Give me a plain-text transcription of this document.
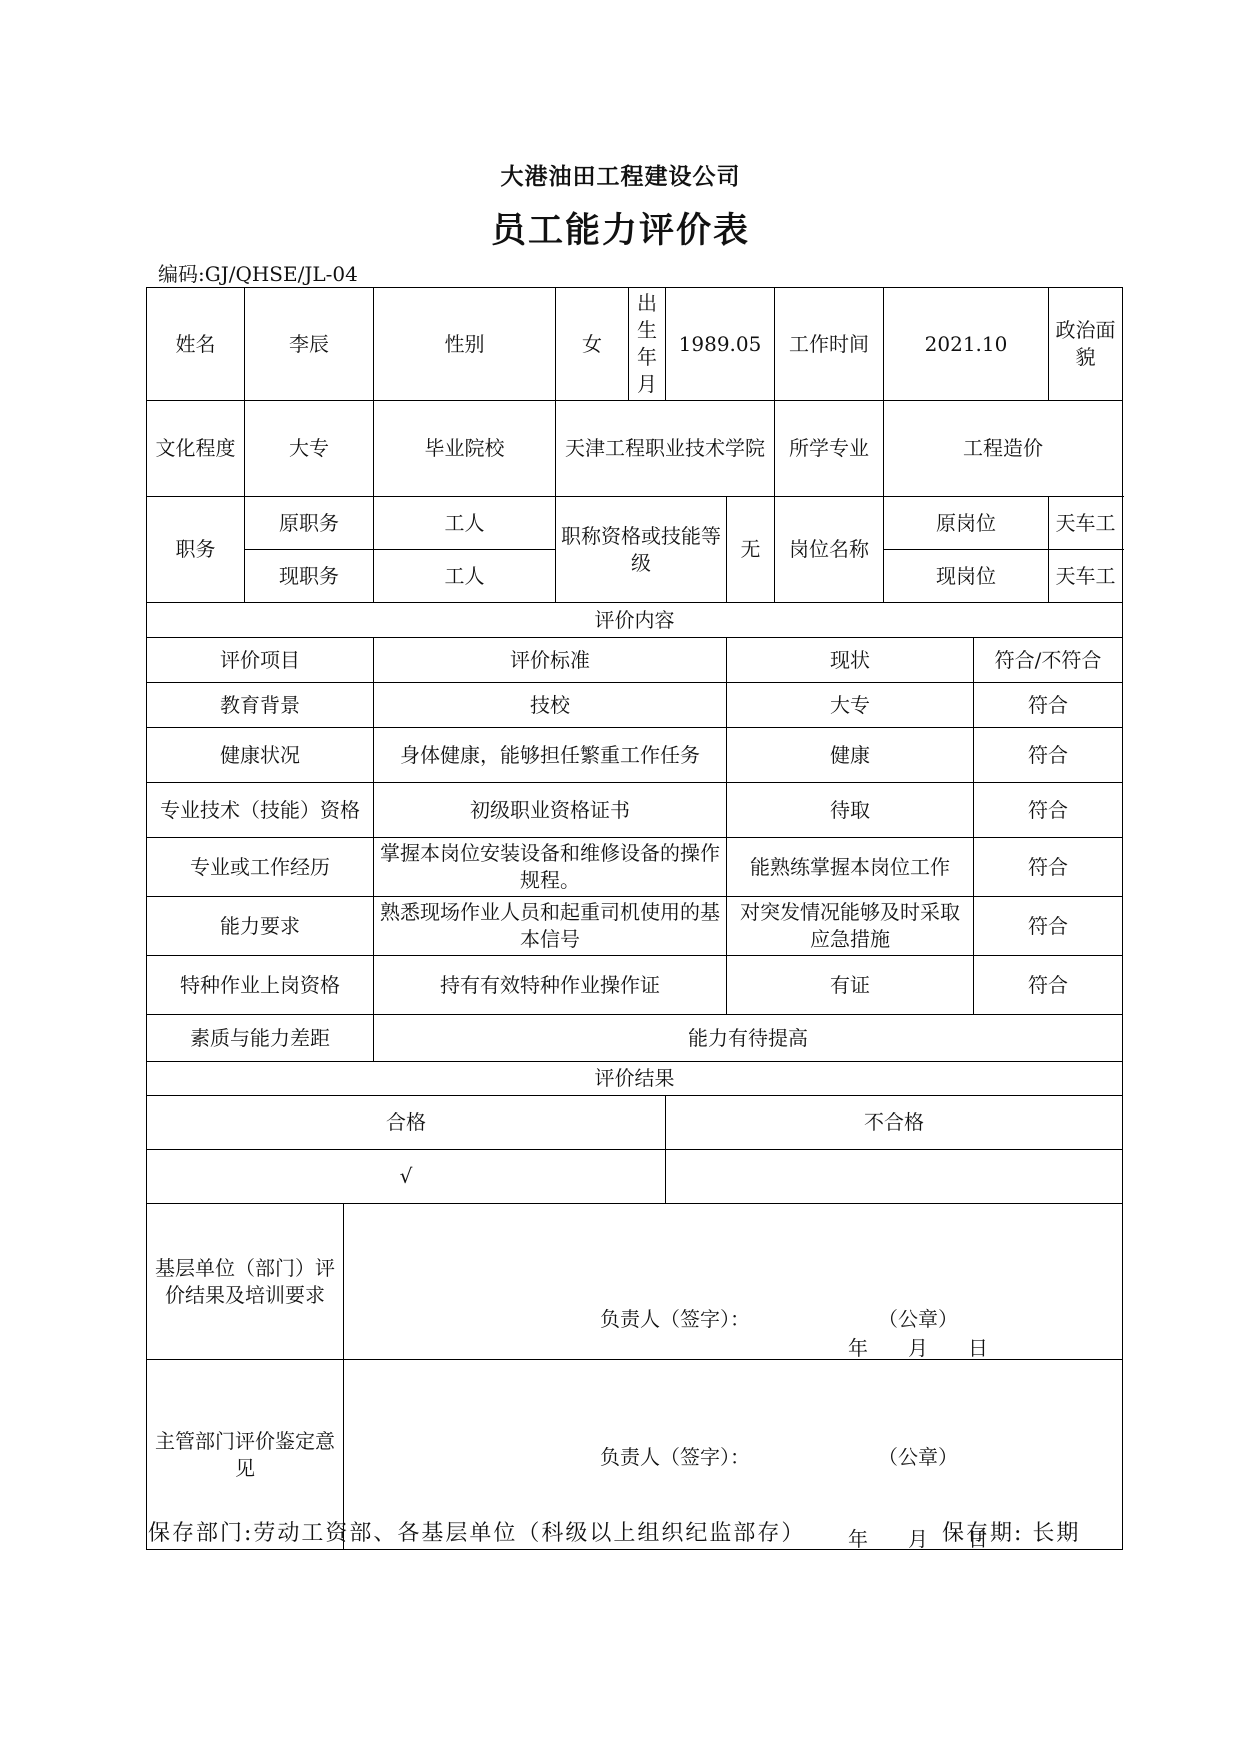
大港油田工程建设公司
员工能力评价表
编码:GJ/QHSE/JL-04
姓名	李辰		性别	女	出生年月	1989.05		工作时间	2021.10		政治面貌	
文化程度	大专		毕业院校	天津工程职业技术学院				所学专业	工程造价			
职务	原职务		工人	职称资格或技能等级			无	岗位名称	原岗位		天车工	
	现职务		工人						现岗位		天车工	
评价内容												
评价项目			评价标准				现状			符合/不符合		
教育背景			技校				大专			符合		
健康状况			身体健康，能够担任繁重工作任务				健康			符合		
专业技术（技能）资格			初级职业资格证书				待取			符合		
专业或工作经历			掌握本岗位安装设备和维修设备的操作规程。				能熟练掌握本岗位工作			符合		
能力要求			熟悉现场作业人员和起重司机使用的基本信号				对突发情况能够及时采取应急措施			符合		
特种作业上岗资格			持有有效特种作业操作证				有证			符合		
素质与能力差距			能力有待提高									
评价结果												
合格						不合格						
√												
基层单位（部门）评价结果及培训要求		负责人（签字）： （公章）
年　　月　　日										

主管部门评价鉴定意见		负责人（签字）： （公章）
年　　月　　日										
保存部门:劳动工资部、各基层单位（科级以上组织纪监部存）	保存期: 长期
